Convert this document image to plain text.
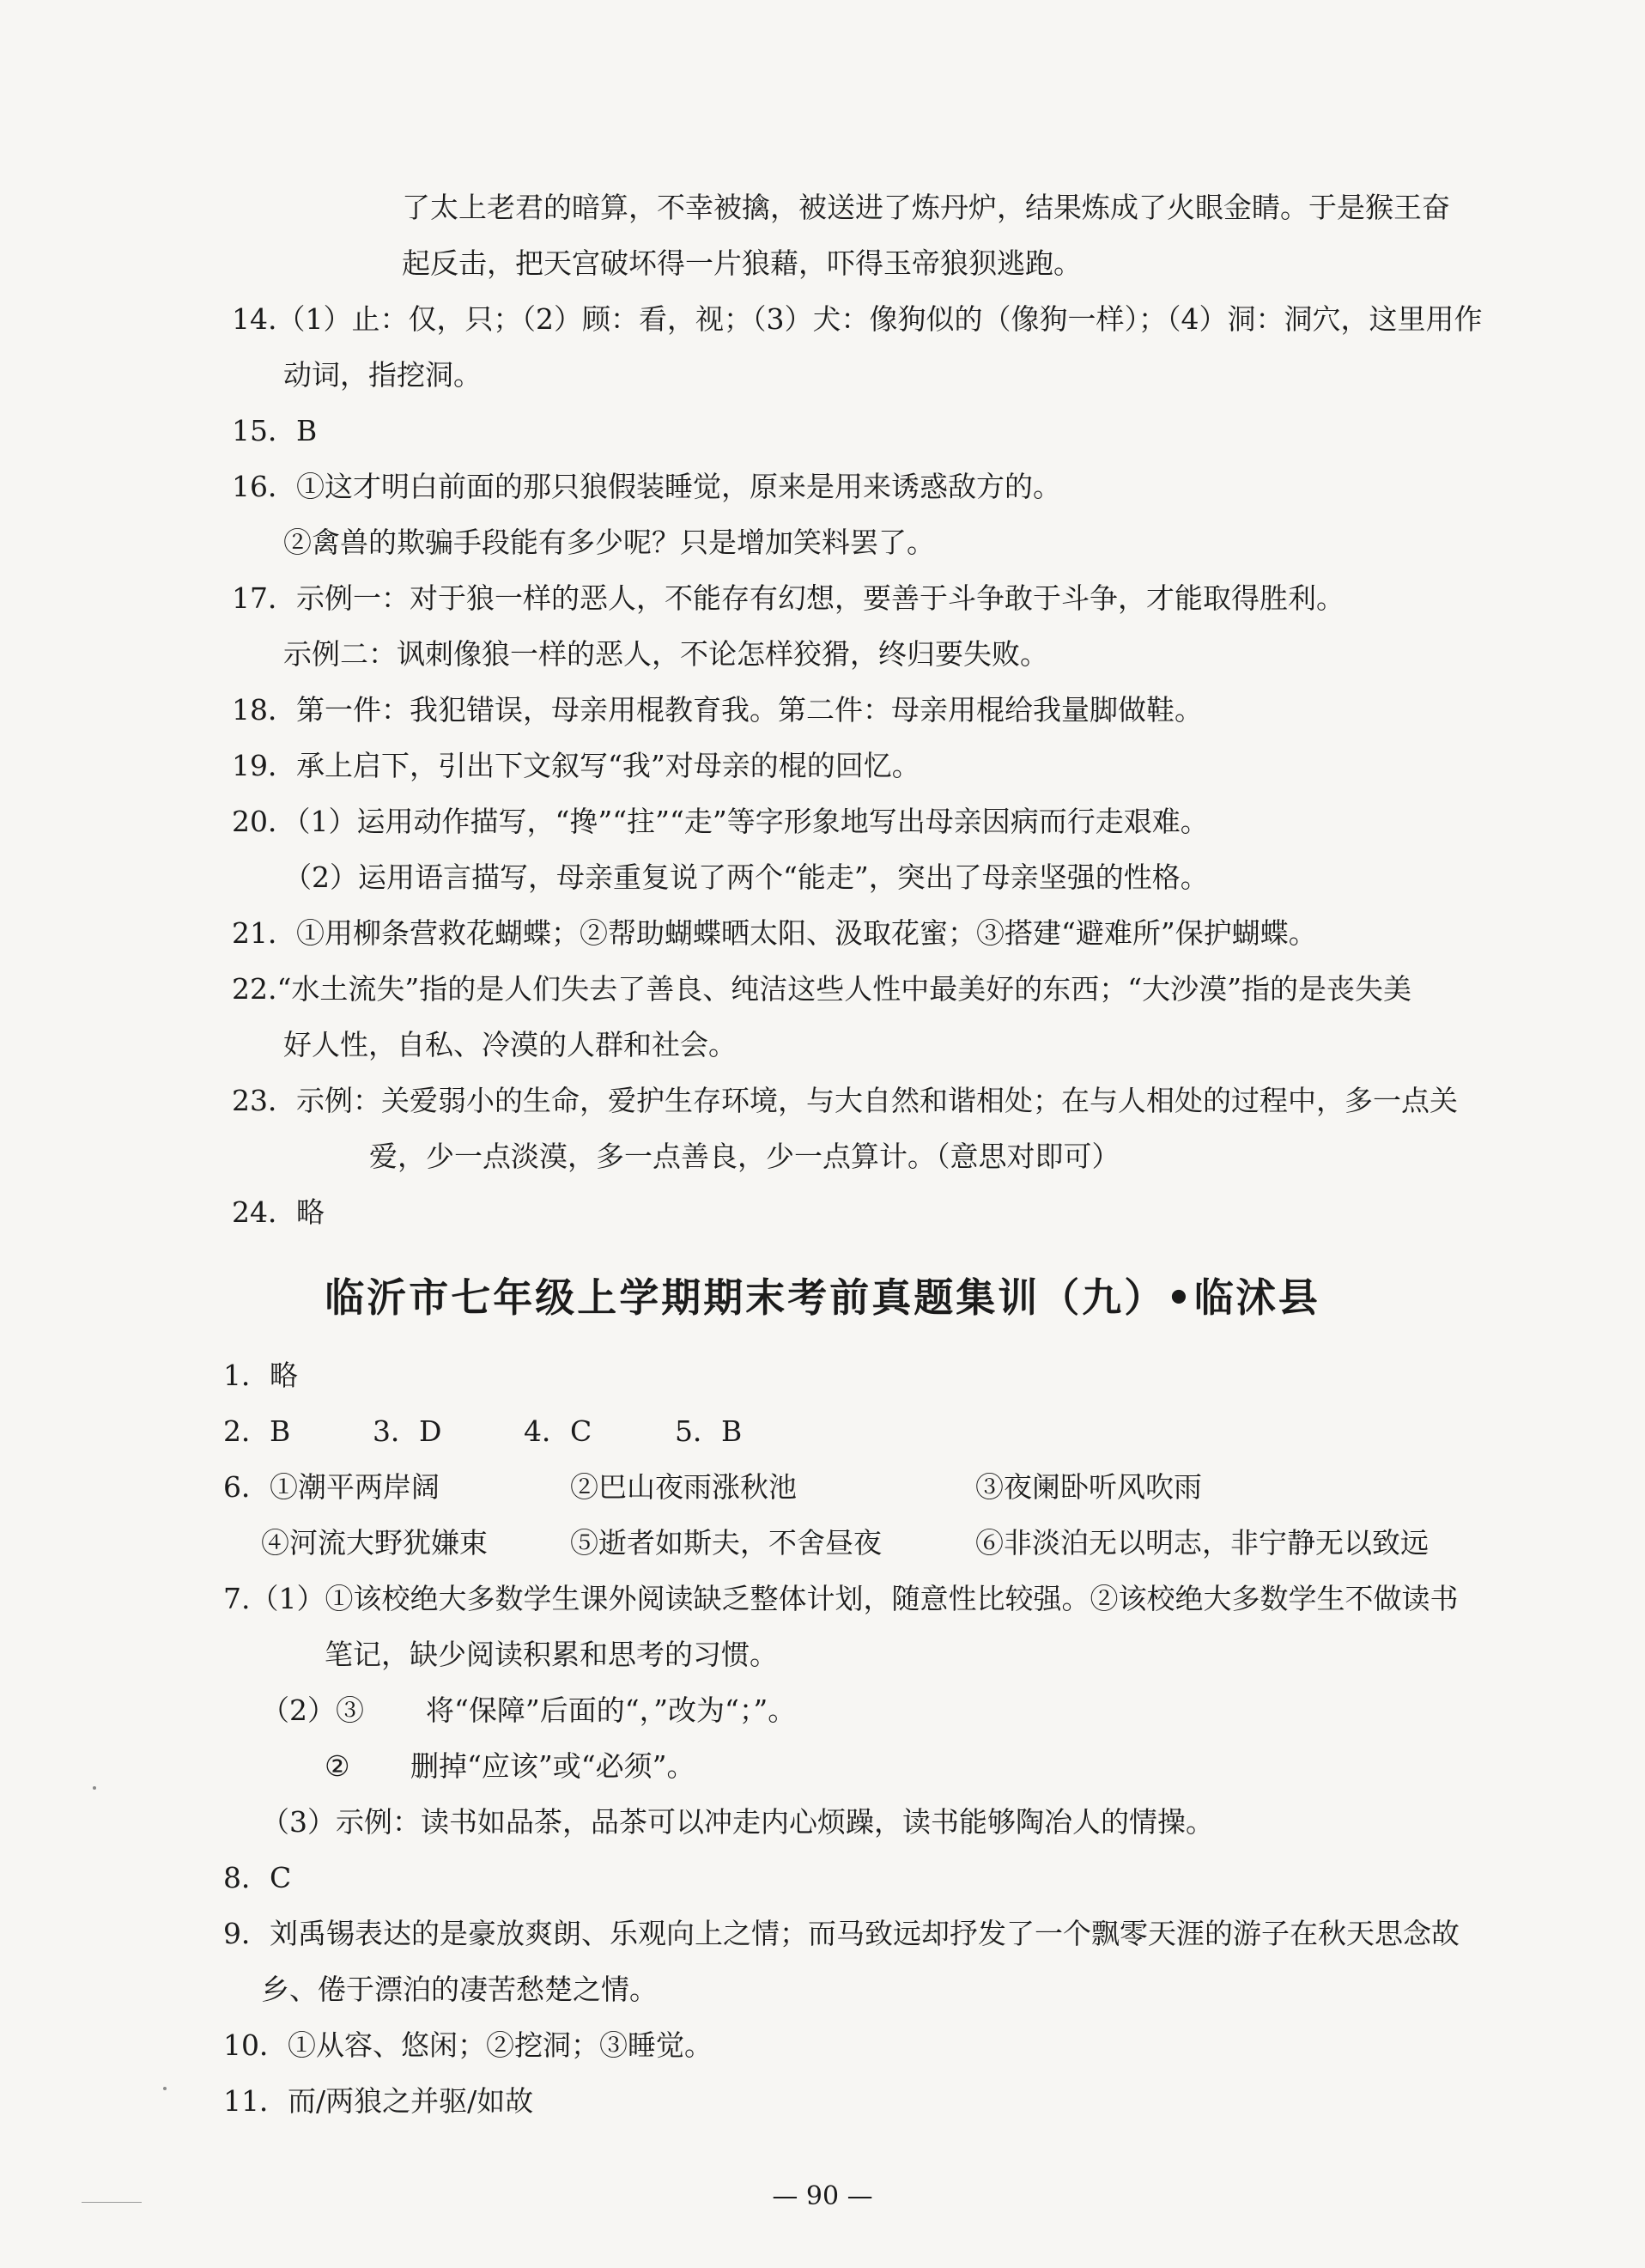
了太上老君的暗算，不幸被擒，被送进了炼丹炉，结果炼成了火眼金睛。于是猴王奋
起反击，把天宫破坏得一片狼藉，吓得玉帝狼狈逃跑。
14.（1）止：仅，只；（2）顾：看，视；（3）犬：像狗似的（像狗一样）；（4）洞：洞穴，这里用作
动词，指挖洞。
15．B
16．①这才明白前面的那只狼假装睡觉，原来是用来诱惑敌方的。
②禽兽的欺骗手段能有多少呢？只是增加笑料罢了。
17．示例一：对于狼一样的恶人，不能存有幻想，要善于斗争敢于斗争，才能取得胜利。
示例二：讽刺像狼一样的恶人，不论怎样狡猾，终归要失败。
18．第一件：我犯错误，母亲用棍教育我。第二件：母亲用棍给我量脚做鞋。
19．承上启下，引出下文叙写“我”对母亲的棍的回忆。
20．（1）运用动作描写，“搀”“拄”“走”等字形象地写出母亲因病而行走艰难。
（2）运用语言描写，母亲重复说了两个“能走”，突出了母亲坚强的性格。
21．①用柳条营救花蝴蝶；②帮助蝴蝶晒太阳、汲取花蜜；③搭建“避难所”保护蝴蝶。
22.“水土流失”指的是人们失去了善良、纯洁这些人性中最美好的东西；“大沙漠”指的是丧失美
好人性，自私、冷漠的人群和社会。
23．示例：关爱弱小的生命，爱护生存环境，与大自然和谐相处；在与人相处的过程中，多一点关
爱，少一点淡漠，多一点善良，少一点算计。（意思对即可）
24．略
临沂市七年级上学期期末考前真题集训（九）•临沭县
1．略
2．B	3．D	4．C	5．B
6．①潮平两岸阔	②巴山夜雨涨秋池	③夜阑卧听风吹雨
④河流大野犹嫌束	⑤逝者如斯夫，不舍昼夜	⑥非淡泊无以明志，非宁静无以致远
7.（1）①该校绝大多数学生课外阅读缺乏整体计划，随意性比较强。②该校绝大多数学生不做读书
笔记，缺少阅读积累和思考的习惯。
（2）③ 将“保障”后面的“，”改为“；”。
② 删掉“应该”或“必须”。
（3）示例：读书如品茶，品茶可以冲走内心烦躁，读书能够陶冶人的情操。
8．C
9．刘禹锡表达的是豪放爽朗、乐观向上之情；而马致远却抒发了一个飘零天涯的游子在秋天思念故
乡、倦于漂泊的凄苦愁楚之情。
10．①从容、悠闲；②挖洞；③睡觉。
11．而/两狼之并驱/如故
— 90 —
